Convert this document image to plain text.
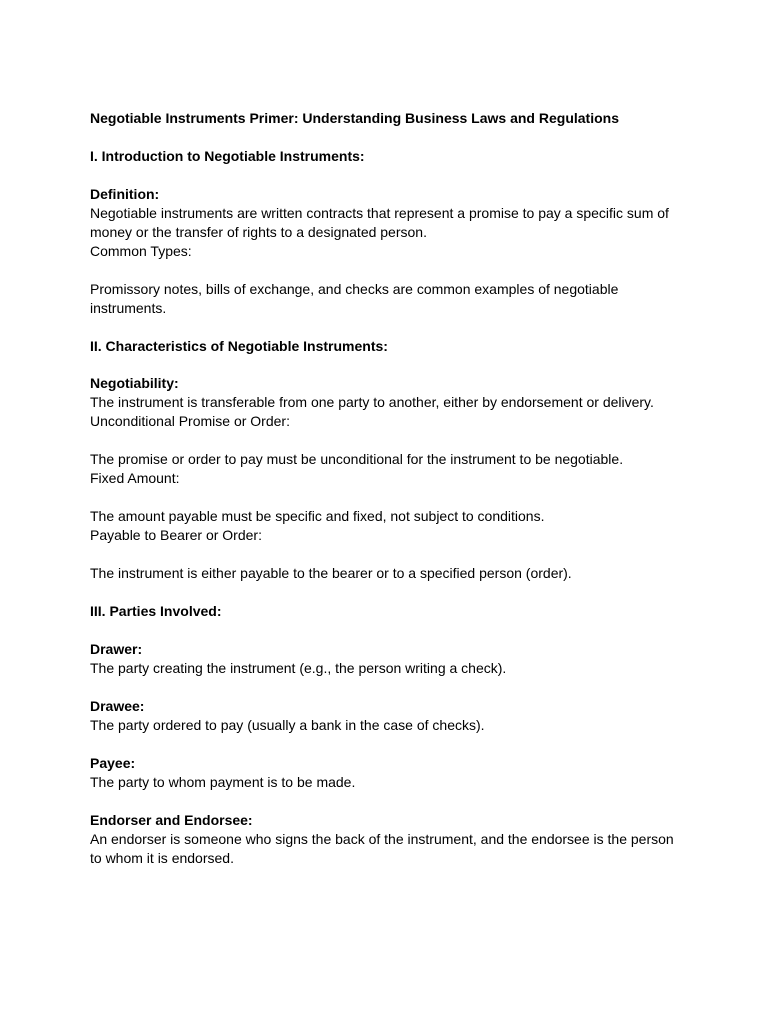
Negotiable Instruments Primer: Understanding Business Laws and Regulations
I. Introduction to Negotiable Instruments:
Definition:
Negotiable instruments are written contracts that represent a promise to pay a specific sum of
money or the transfer of rights to a designated person.
Common Types:
Promissory notes, bills of exchange, and checks are common examples of negotiable
instruments.
II. Characteristics of Negotiable Instruments:
Negotiability:
The instrument is transferable from one party to another, either by endorsement or delivery.
Unconditional Promise or Order:
The promise or order to pay must be unconditional for the instrument to be negotiable.
Fixed Amount:
The amount payable must be specific and fixed, not subject to conditions.
Payable to Bearer or Order:
The instrument is either payable to the bearer or to a specified person (order).
III. Parties Involved:
Drawer:
The party creating the instrument (e.g., the person writing a check).
Drawee:
The party ordered to pay (usually a bank in the case of checks).
Payee:
The party to whom payment is to be made.
Endorser and Endorsee:
An endorser is someone who signs the back of the instrument, and the endorsee is the person
to whom it is endorsed.
